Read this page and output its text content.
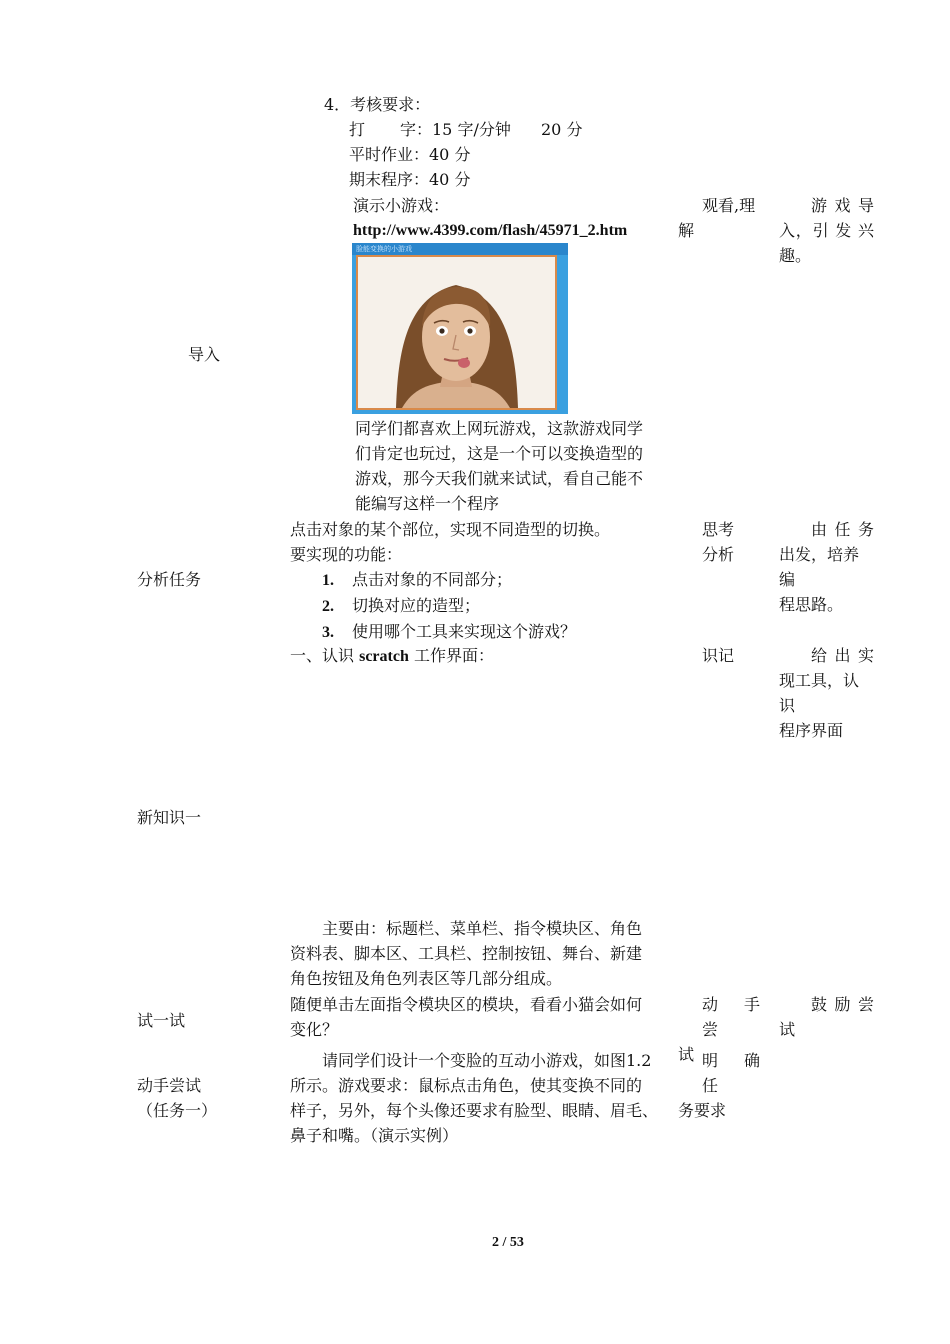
导入
4．考核要求：
打 字：15 字/分钟 20 分
平时作业：40 分
期末程序：40 分
演示小游戏：
http://www.4399.com/flash/45971_2.htm
脸能变换的小游戏
同学们都喜欢上网玩游戏，这款游戏同学
们肯定也玩过，这是一个可以变换造型的
游戏，那今天我们就来试试，看自己能不
能编写这样一个程序
观看,理
解
游 戏 导
入，引 发 兴
趣。
分析任务
点击对象的某个部位，实现不同造型的切换。
要实现的功能：
1. 点击对象的不同部分；
2. 切换对应的造型；
3. 使用哪个工具来实现这个游戏？
思考
分析
由 任 务
出发，培养编
程思路。
新知识一
一、认识 scratch 工作界面：
主要由：标题栏、菜单栏、指令模块区、角色
资料表、脚本区、工具栏、控制按钮、舞台、新建
角色按钮及角色列表区等几部分组成。
识记	给 出 实
现工具，认识
程序界面
试一试
随便单击左面指令模块区的模块，看看小猫会如何
变化？
动 手 尝
试
鼓 励 尝
试
动手尝试
（任务一）
请同学们设计一个变脸的互动小游戏，如图1.2
所示。游戏要求：鼠标点击角色，使其变换不同的
样子，另外，每个头像还要求有脸型、眼睛、眉毛、
鼻子和嘴。（演示实例）
明 确 任
务要求
2 / 53
